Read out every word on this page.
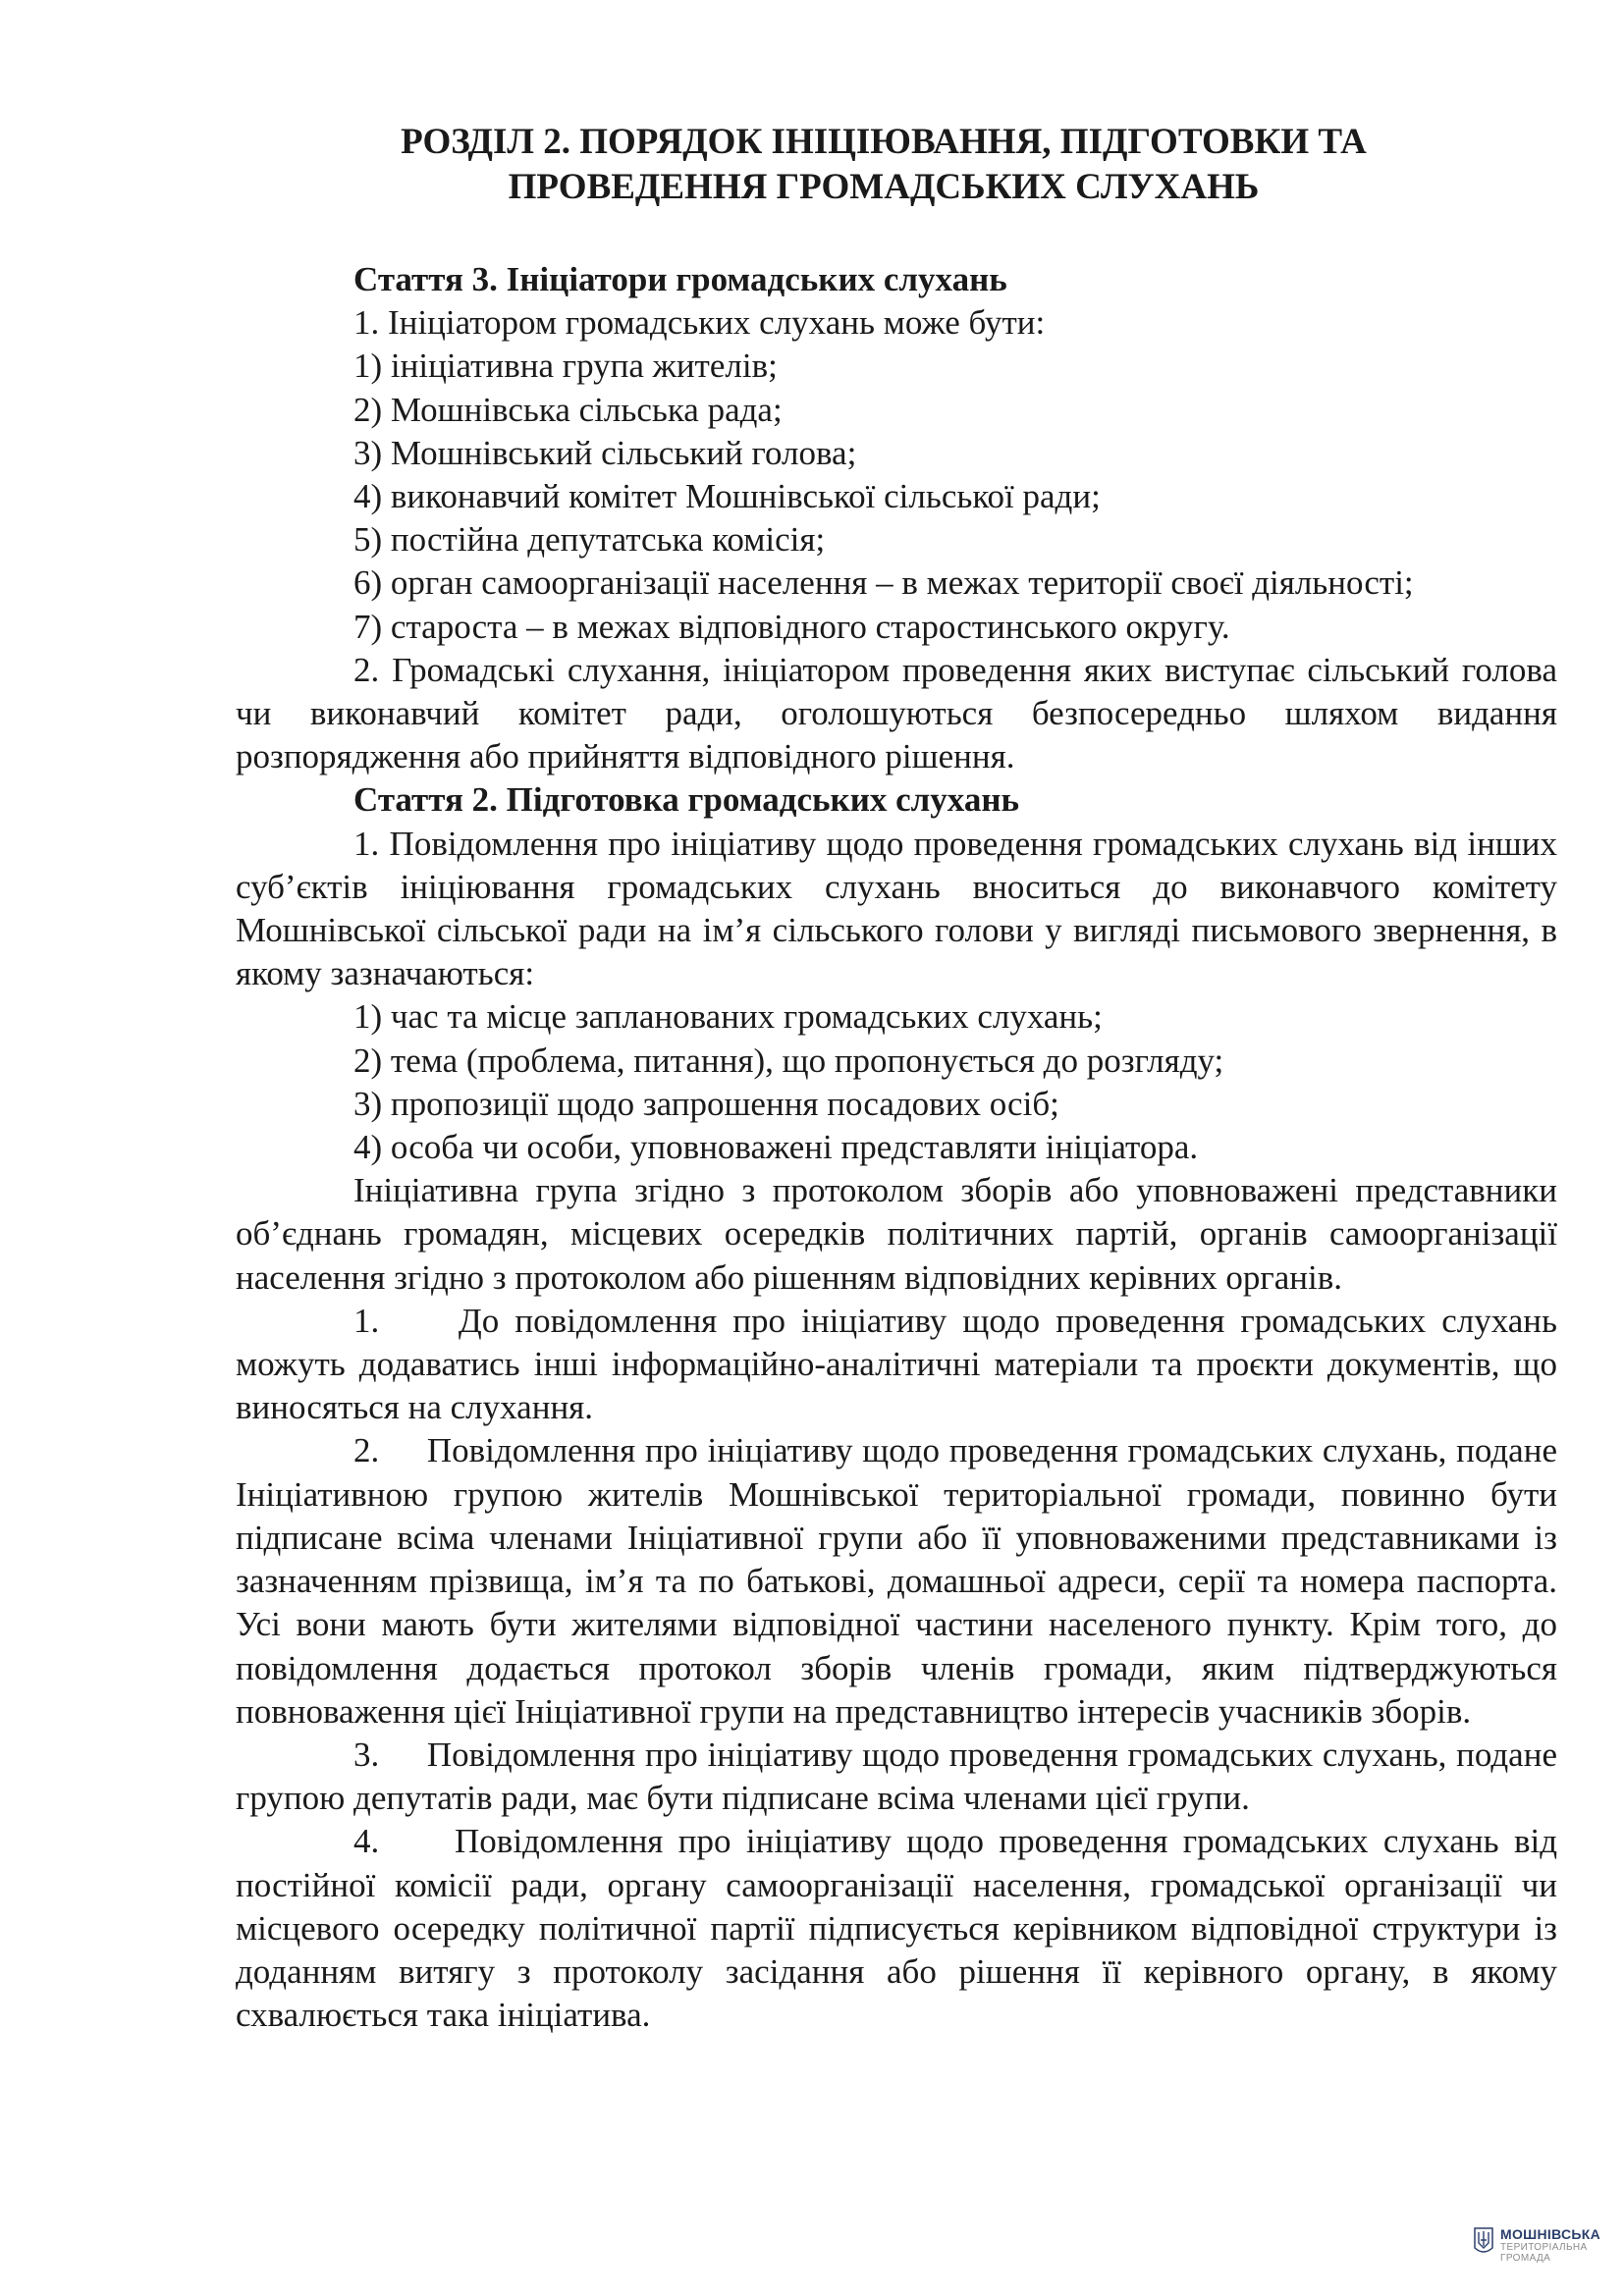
РОЗДІЛ 2. ПОРЯДОК ІНІЦІЮВАННЯ, ПІДГОТОВКИ ТА
ПРОВЕДЕННЯ ГРОМАДСЬКИХ СЛУХАНЬ

Стаття 3. Ініціатори громадських слухань

1. Ініціатором громадських слухань може бути:

1) ініціативна група жителів;

2) Мошнівська сільська рада;

3) Мошнівський сільський голова;

4) виконавчий комітет Мошнівської сільської ради;

5) постійна депутатська комісія;

6) орган самоорганізації населення – в межах території своєї діяльності;

7) староста – в межах відповідного старостинського округу.

2. Громадські слухання, ініціатором проведення яких виступає сільський голова чи виконавчий комітет ради, оголошуються безпосередньо шляхом видання розпорядження або прийняття відповідного рішення.

Стаття 2. Підготовка громадських слухань

1. Повідомлення про ініціативу щодо проведення громадських слухань від інших суб’єктів ініціювання громадських слухань вноситься до виконавчого комітету Мошнівської сільської ради на ім’я сільського голови у вигляді письмового звернення, в якому зазначаються:

1) час та місце запланованих громадських слухань;

2) тема (проблема, питання), що пропонується до розгляду;

3) пропозиції щодо запрошення посадових осіб;

4) особа чи особи, уповноважені представляти ініціатора.

Ініціативна група згідно з протоколом зборів або уповноважені представники об’єднань громадян, місцевих осередків політичних партій, органів самоорганізації населення згідно з протоколом або рішенням відповідних керівних органів.

1.     До повідомлення про ініціативу щодо проведення громадських слухань можуть додаватись інші інформаційно-аналітичні матеріали та проєкти документів, що виносяться на слухання.

2.     Повідомлення про ініціативу щодо проведення громадських слухань, подане Ініціативною групою жителів Мошнівської територіальної громади, повинно бути підписане всіма членами Ініціативної групи або її уповноваженими представниками із зазначенням прізвища, ім’я та по батькові, домашньої адреси, серії та номера паспорта. Усі вони мають бути жителями відповідної частини населеного пункту. Крім того, до повідомлення додається протокол зборів членів громади, яким підтверджуються повноваження цієї Ініціативної групи на представництво інтересів учасників зборів.

3.     Повідомлення про ініціативу щодо проведення громадських слухань, подане групою депутатів ради, має бути підписане всіма членами цієї групи.

4.     Повідомлення про ініціативу щодо проведення громадських слухань від постійної комісії ради, органу самоорганізації населення, громадської організації чи місцевого осередку політичної партії підписується керівником відповідної структури із доданням витягу з протоколу засідання або рішення її керівного органу, в якому схвалюється така ініціатива.

МОШНІВСЬКА
ТЕРИТОРІАЛЬНА
ГРОМАДА
